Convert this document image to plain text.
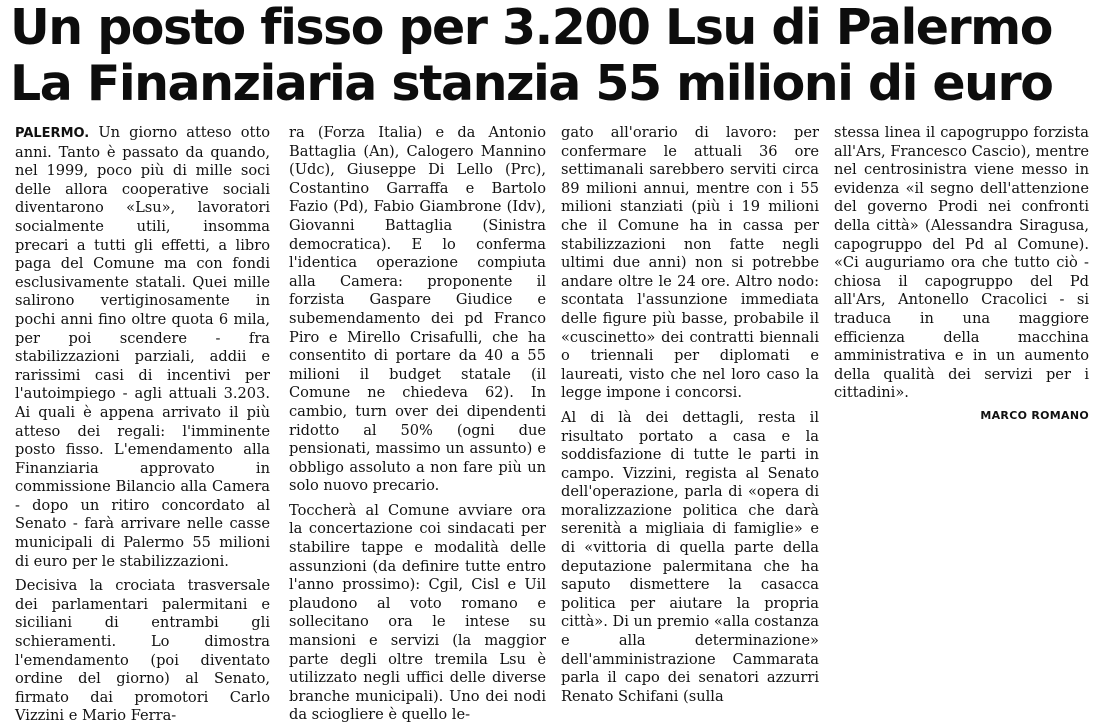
Un posto fisso per 3.200 Lsu di Palermo
La Finanziaria stanzia 55 milioni di euro

PALERMO. Un giorno atteso otto anni. Tanto è passato da quando, nel 1999, poco più di mille soci delle allora cooperative sociali diventarono «Lsu», lavoratori socialmente utili, insomma precari a tutti gli effetti, a libro paga del Comune ma con fondi esclusivamente statali. Quei mille salirono vertiginosamente in pochi anni fino oltre quota 6 mila, per poi scendere - fra stabilizzazioni parziali, addii e rarissimi casi di incentivi per l'autoimpiego - agli attuali 3.203. Ai quali è appena arrivato il più atteso dei regali: l'imminente posto fisso. L'emendamento alla Finanziaria approvato in commissione Bilancio alla Camera - dopo un ritiro concordato al Senato - farà arrivare nelle casse municipali di Palermo 55 milioni di euro per le stabilizzazioni.

Decisiva la crociata trasversale dei parlamentari palermitani e siciliani di entrambi gli schieramenti. Lo dimostra l'emendamento (poi diventato ordine del giorno) al Senato, firmato dai promotori Carlo Vizzini e Mario Ferra-

ra (Forza Italia) e da Antonio Battaglia (An), Calogero Mannino (Udc), Giuseppe Di Lello (Prc), Costantino Garraffa e Bartolo Fazio (Pd), Fabio Giambrone (Idv), Giovanni Battaglia (Sinistra democratica). E lo conferma l'identica operazione compiuta alla Camera: proponente il forzista Gaspare Giudice e subemendamento dei pd Franco Piro e Mirello Crisafulli, che ha consentito di portare da 40 a 55 milioni il budget statale (il Comune ne chiedeva 62). In cambio, turn over dei dipendenti ridotto al 50% (ogni due pensionati, massimo un assunto) e obbligo assoluto a non fare più un solo nuovo precario.

Toccherà al Comune avviare ora la concertazione coi sindacati per stabilire tappe e modalità delle assunzioni (da definire tutte entro l'anno prossimo): Cgil, Cisl e Uil plaudono al voto romano e sollecitano ora le intese su mansioni e servizi (la maggior parte degli oltre tremila Lsu è utilizzato negli uffici delle diverse branche municipali). Uno dei nodi da sciogliere è quello le-

gato all'orario di lavoro: per confermare le attuali 36 ore settimanali sarebbero serviti circa 89 milioni annui, mentre con i 55 milioni stanziati (più i 19 milioni che il Comune ha in cassa per stabilizzazioni non fatte negli ultimi due anni) non si potrebbe andare oltre le 24 ore. Altro nodo: scontata l'assunzione immediata delle figure più basse, probabile il «cuscinetto» dei contratti biennali o triennali per diplomati e laureati, visto che nel loro caso la legge impone i concorsi.

Al di là dei dettagli, resta il risultato portato a casa e la soddisfazione di tutte le parti in campo. Vizzini, regista al Senato dell'operazione, parla di «opera di moralizzazione politica che darà serenità a migliaia di famiglie» e di «vittoria di quella parte della deputazione palermitana che ha saputo dismettere la casacca politica per aiutare la propria città». Di un premio «alla costanza e alla determinazione» dell'amministrazione Cammarata parla il capo dei senatori azzurri Renato Schifani (sulla

stessa linea il capogruppo forzista all'Ars, Francesco Cascio), mentre nel centrosinistra viene messo in evidenza «il segno dell'attenzione del governo Prodi nei confronti della città» (Alessandra Siragusa, capogruppo del Pd al Comune). «Ci auguriamo ora che tutto ciò - chiosa il capogruppo del Pd all'Ars, Antonello Cracolici - si traduca in una maggiore efficienza della macchina amministrativa e in un aumento della qualità dei servizi per i cittadini».

MARCO ROMANO
